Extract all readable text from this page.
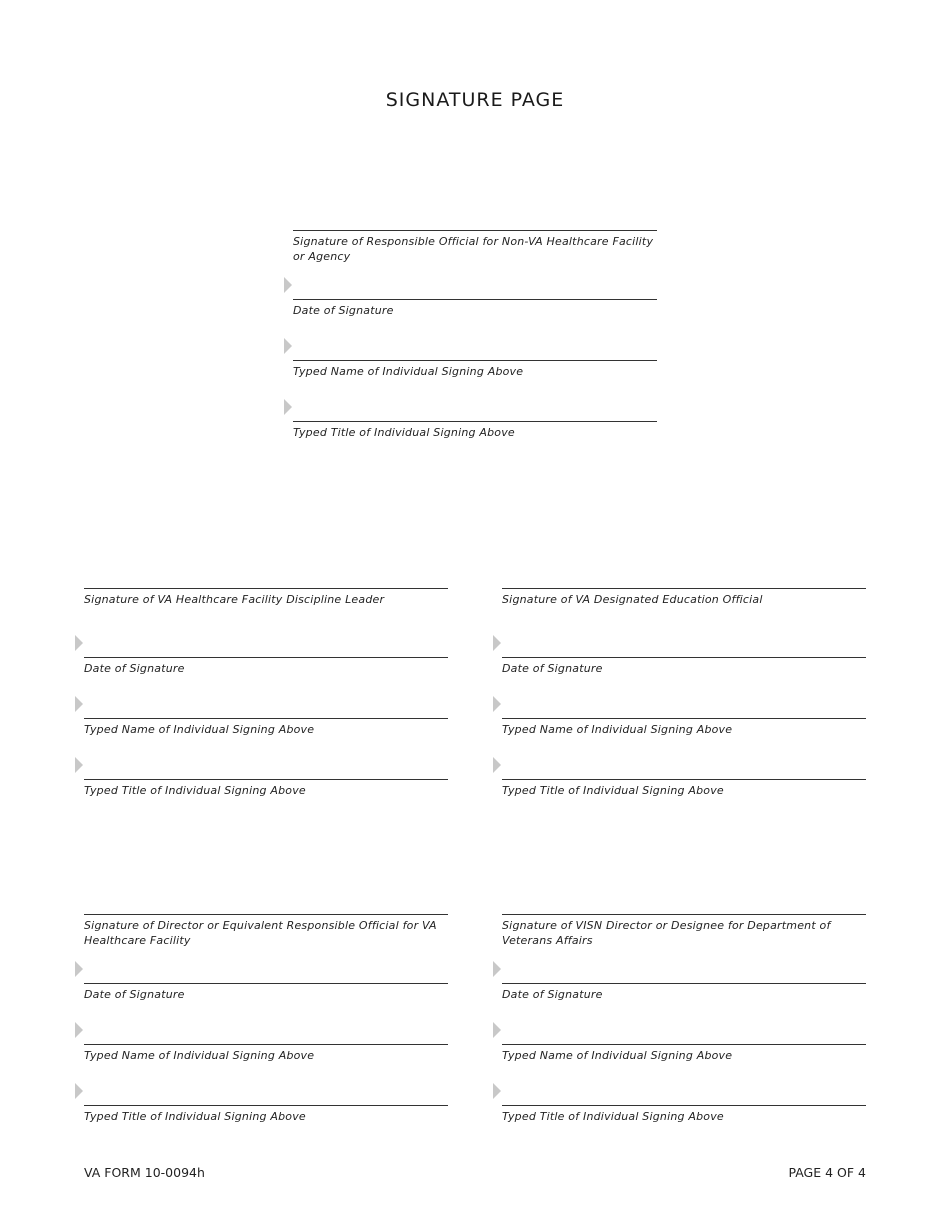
SIGNATURE PAGE
Signature of Responsible Official for Non-VA Healthcare Facility or Agency
Date of Signature
Typed Name of Individual Signing Above
Typed Title of Individual Signing Above
Signature of VA Healthcare Facility Discipline Leader
Date of Signature
Typed Name of Individual Signing Above
Typed Title of Individual Signing Above
Signature of VA Designated Education Official
Date of Signature
Typed Name of Individual Signing Above
Typed Title of Individual Signing Above
Signature of Director or Equivalent Responsible Official for VA Healthcare Facility
Date of Signature
Typed Name of Individual Signing Above
Typed Title of Individual Signing Above
Signature of VISN Director or Designee for Department of Veterans Affairs
Date of Signature
Typed Name of Individual Signing Above
Typed Title of Individual Signing Above
VA FORM 10-0094h	PAGE 4 OF 4
